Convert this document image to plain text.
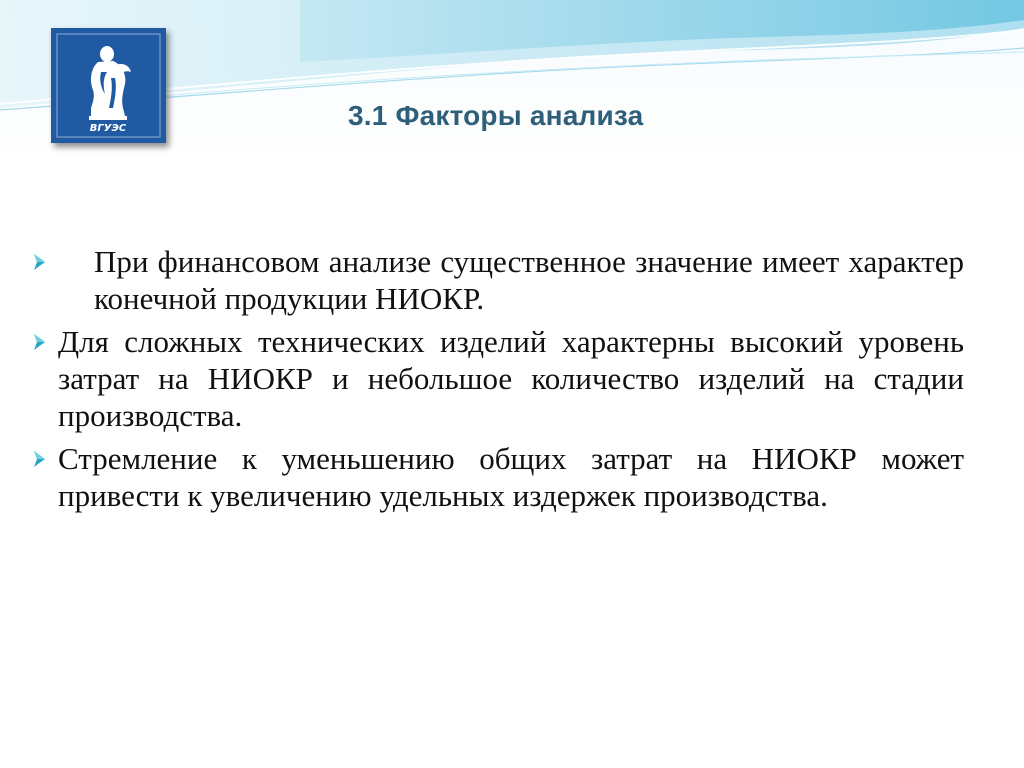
ВГУЭС	3.1 Факторы анализа
При финансовом анализе существенное значение имеет характер конечной продукции НИОКР.
Для сложных технических изделий характерны высокий уровень затрат на НИОКР и небольшое количество изделий на стадии производства.
Стремление к уменьшению общих затрат на НИОКР может привести к увеличению удельных издержек производства.
